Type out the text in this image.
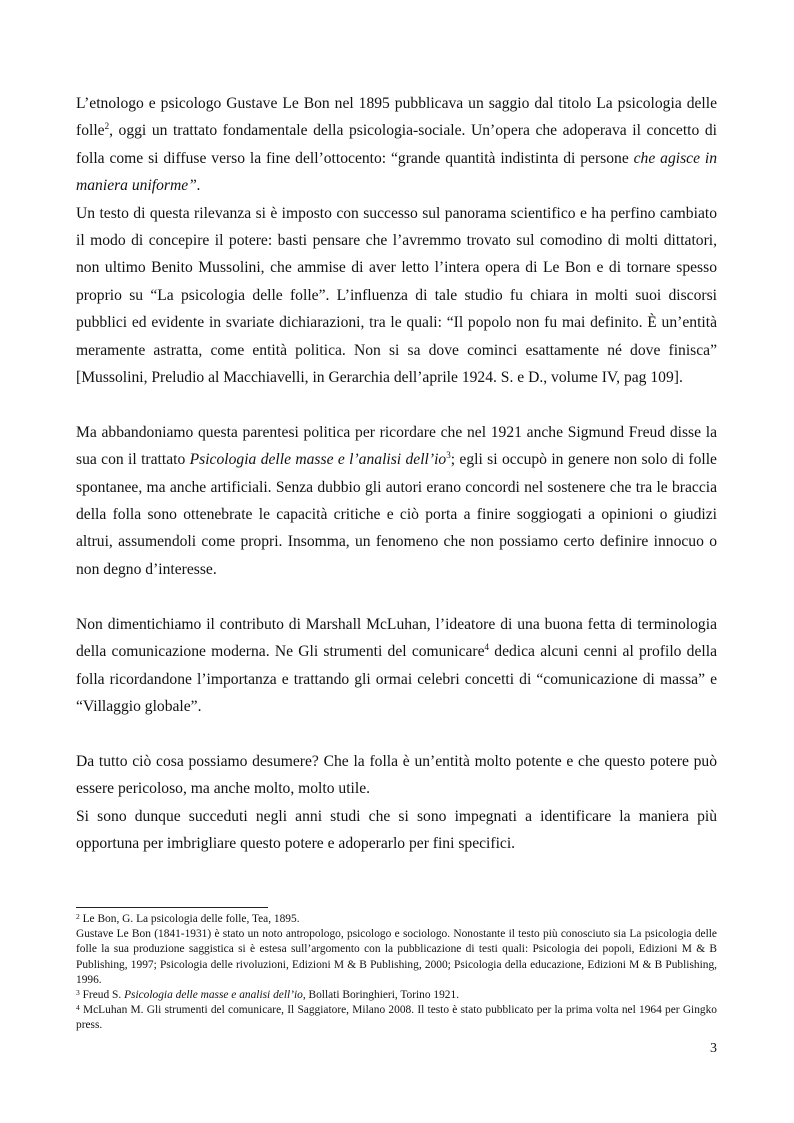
L’etnologo e psicologo Gustave Le Bon nel 1895 pubblicava un saggio dal titolo La psicologia delle folle$^2$, oggi un trattato fondamentale della psicologia-sociale. Un’opera che adoperava il concetto di folla come si diffuse verso la fine dell’ottocento: “grande quantità indistinta di persone che agisce in maniera uniforme”.

Un testo di questa rilevanza si è imposto con successo sul panorama scientifico e ha perfino cambiato il modo di concepire il potere: basti pensare che l’avremmo trovato sul comodino di molti dittatori, non ultimo Benito Mussolini, che ammise di aver letto l’intera opera di Le Bon e di tornare spesso proprio su “La psicologia delle folle”. L’influenza di tale studio fu chiara in molti suoi discorsi pubblici ed evidente in svariate dichiarazioni, tra le quali: “Il popolo non fu mai definito. È un’entità meramente astratta, come entità politica. Non si sa dove cominci esattamente né dove finisca” [Mussolini, Preludio al Macchiavelli, in Gerarchia dell’aprile 1924. S. e D., volume IV, pag 109].

Ma abbandoniamo questa parentesi politica per ricordare che nel 1921 anche Sigmund Freud disse la sua con il trattato Psicologia delle masse e l’analisi $dell’io^3$; egli si occupò in genere non solo di folle spontanee, ma anche artificiali. Senza dubbio gli autori erano concordi nel sostenere che tra le braccia della folla sono ottenebrate le capacità critiche e ciò porta a finire soggiogati a opinioni o giudizi altrui, assumendoli come propri. Insomma, un fenomeno che non possiamo certo definire innocuo o non degno d’interesse.

Non dimentichiamo il contributo di Marshall McLuhan, l’ideatore di una buona fetta di terminologia della comunicazione moderna. Ne Gli strumenti del comunicare$^4$ dedica alcuni cenni al profilo della folla ricordandone l’importanza e trattando gli ormai celebri concetti di “comunicazione di massa” e “Villaggio globale”.

Da tutto ciò cosa possiamo desumere? Che la folla è un’entità molto potente e che questo potere può essere pericoloso, ma anche molto, molto utile.

Si sono dunque succeduti negli anni studi che si sono impegnati a identificare la maniera più opportuna per imbrigliare questo potere e adoperarlo per fini specifici.

$^2$ Le Bon, G. La psicologia delle folle, Tea, 1895.

Gustave Le Bon (1841-1931) è stato un noto antropologo, psicologo e sociologo. Nonostante il testo più conosciuto sia La psicologia delle folle la sua produzione saggistica si è estesa sull’argomento con la pubblicazione di testi quali: Psicologia dei popoli, Edizioni M & B Publishing, 1997; Psicologia delle rivoluzioni, Edizioni M & B Publishing, 2000; Psicologia della educazione, Edizioni M & B Publishing, 1996.

$^3$ Freud S. Psicologia delle masse e analisi dell’io, Bollati Boringhieri, Torino 1921.

$^4$ McLuhan M. Gli strumenti del comunicare, Il Saggiatore, Milano 2008. Il testo è stato pubblicato per la prima volta nel 1964 per Gingko press.

3
